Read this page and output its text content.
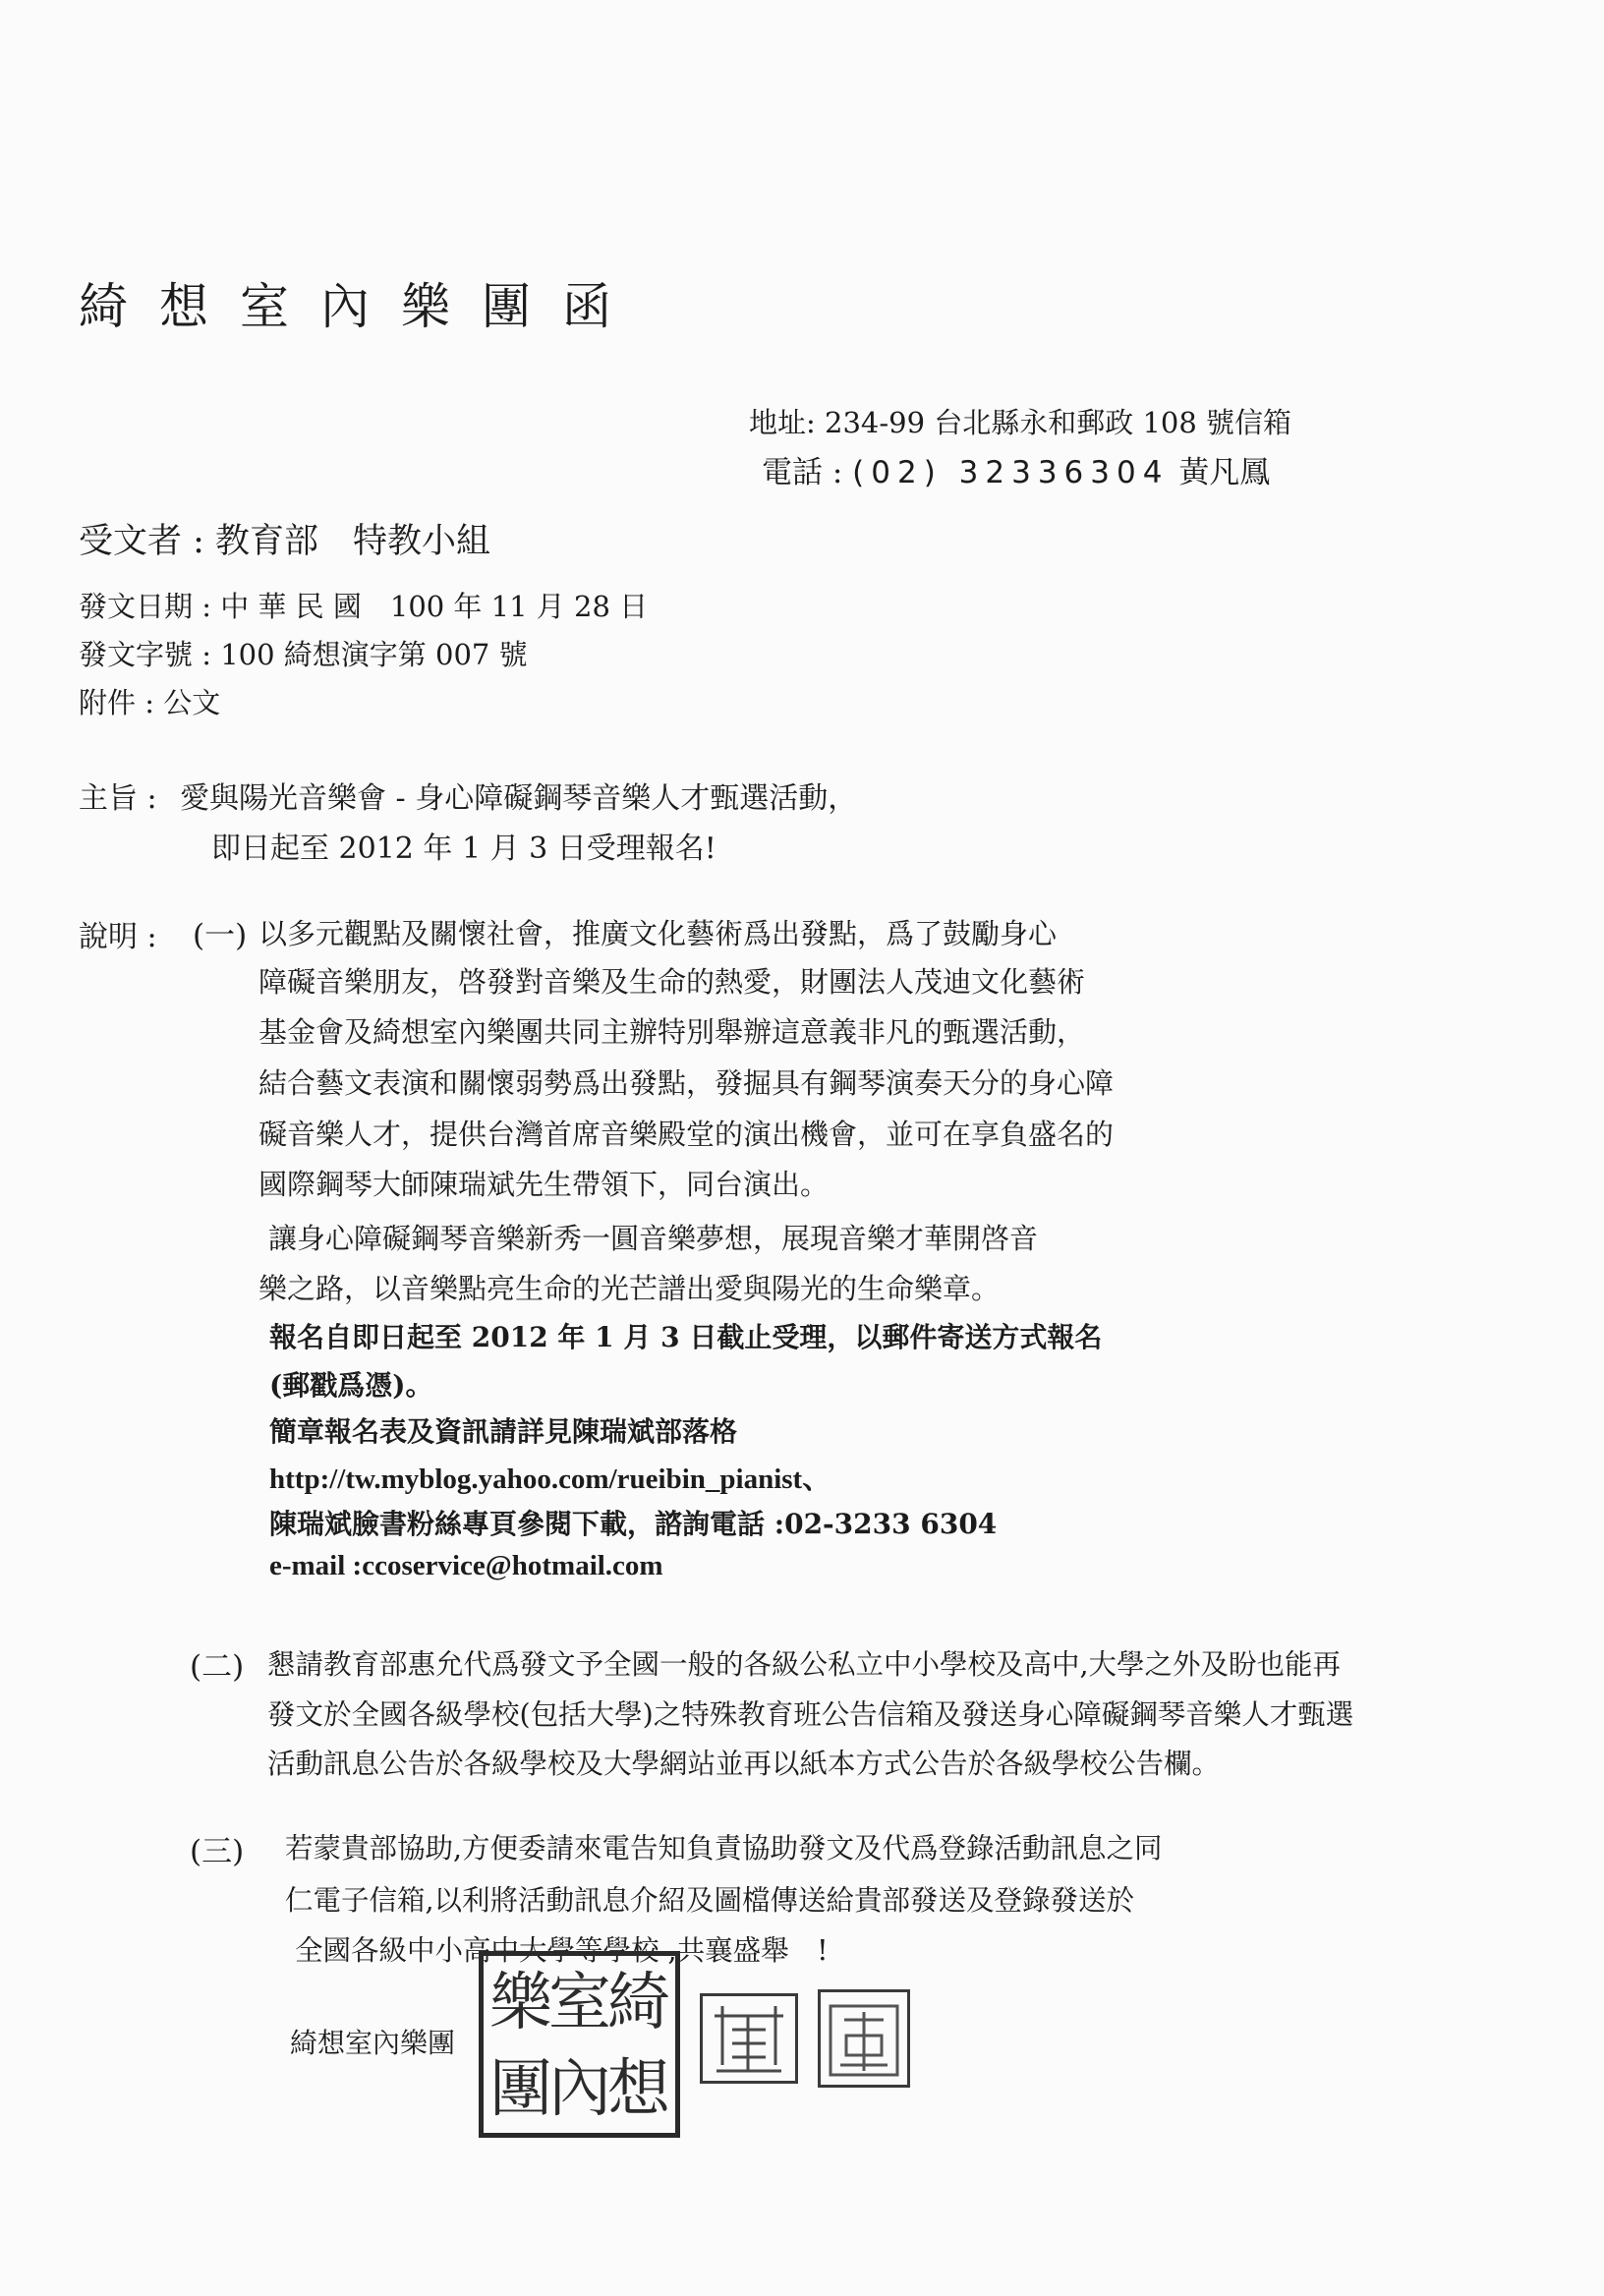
綺想室內樂團函
地址: 234-99 台北縣永和郵政 108 號信箱
電話 : (02) 32336304 黃凡鳳
受文者 : 教育部　特教小組
發文日期 : 中 華 民 國　100 年 11 月 28 日
發文字號 : 100 綺想演字第 007 號
附件 : 公文
主旨 : 愛與陽光音樂會 - 身心障礙鋼琴音樂人才甄選活動，
即日起至 2012 年 1 月 3 日受理報名!
說明 : (一) 以多元觀點及關懷社會，推廣文化藝術爲出發點，爲了鼓勵身心
障礙音樂朋友，啓發對音樂及生命的熱愛，財團法人茂迪文化藝術
基金會及綺想室內樂團共同主辦特別舉辦這意義非凡的甄選活動，
結合藝文表演和關懷弱勢爲出發點，發掘具有鋼琴演奏天分的身心障
礙音樂人才，提供台灣首席音樂殿堂的演出機會，並可在享負盛名的
國際鋼琴大師陳瑞斌先生帶領下，同台演出。
讓身心障礙鋼琴音樂新秀一圓音樂夢想，展現音樂才華開啓音
樂之路，以音樂點亮生命的光芒譜出愛與陽光的生命樂章。
報名自即日起至 2012 年 1 月 3 日截止受理，以郵件寄送方式報名
(郵戳爲憑)。
簡章報名表及資訊請詳見陳瑞斌部落格
http://tw.myblog.yahoo.com/rueibin_pianist、
陳瑞斌臉書粉絲專頁參閱下載，諮詢電話 :02-3233 6304
e-mail :ccoservice@hotmail.com
(二) 懇請教育部惠允代爲發文予全國一般的各級公私立中小學校及高中,大學之外及盼也能再
發文於全國各級學校(包括大學)之特殊教育班公告信箱及發送身心障礙鋼琴音樂人才甄選
活動訊息公告於各級學校及大學網站並再以紙本方式公告於各級學校公告欄。
(三) 若蒙貴部協助,方便委請來電告知負責協助發文及代爲登錄活動訊息之同
仁電子信箱,以利將活動訊息介紹及圖檔傳送給貴部發送及登錄發送於
全國各級中小高中大學等學校 ,共襄盛舉　!
綺想室內樂團
綺
想
室
內
樂
團
